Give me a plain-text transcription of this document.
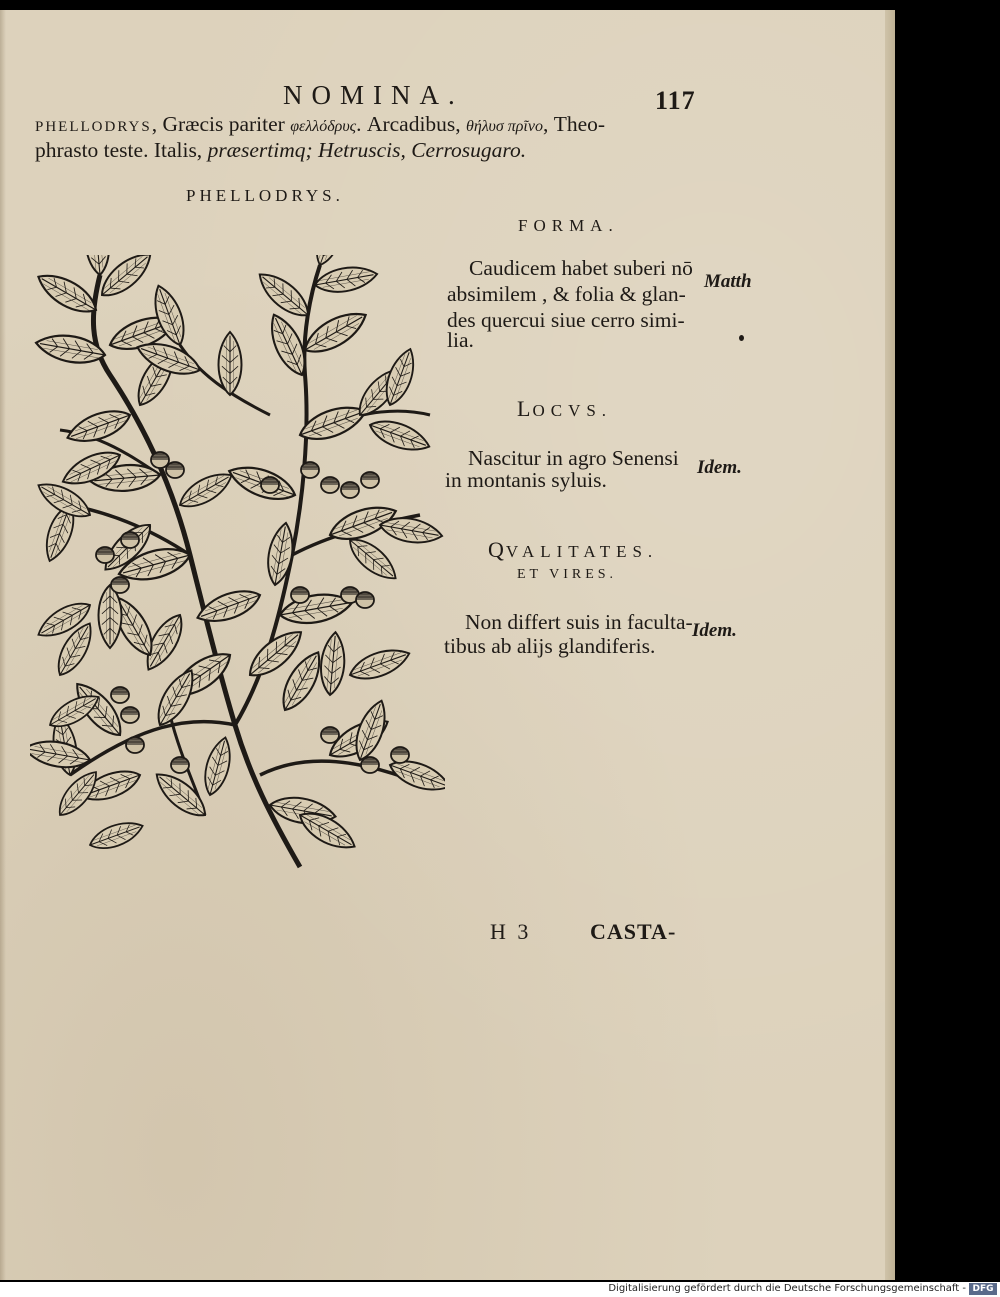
NOMINA.	117
PHELLODRYS, Græcis pariter φελλόδρυς. Arcadibus, θήλυσ πρῖνο, Theo-
phrasto teste. Italis, præsertimq; Hetruscis, Cerrosugaro.
PHELLODRYS.
FORMA.
Caudicem habet suberi nō
absimilem , & folia & glan-
des quercui siue cerro simi-
lia.
Matth
LOCVS.
Nascitur in agro Senensi
in montanis syluis.
Idem.
QVALITATES.
ET VIRES.
Non differt suis in faculta-
tibus ab alijs glandiferis.
Idem.
H 3	CASTA-
Digitalisierung gefördert durch die Deutsche Forschungsgemeinschaft - DFG
